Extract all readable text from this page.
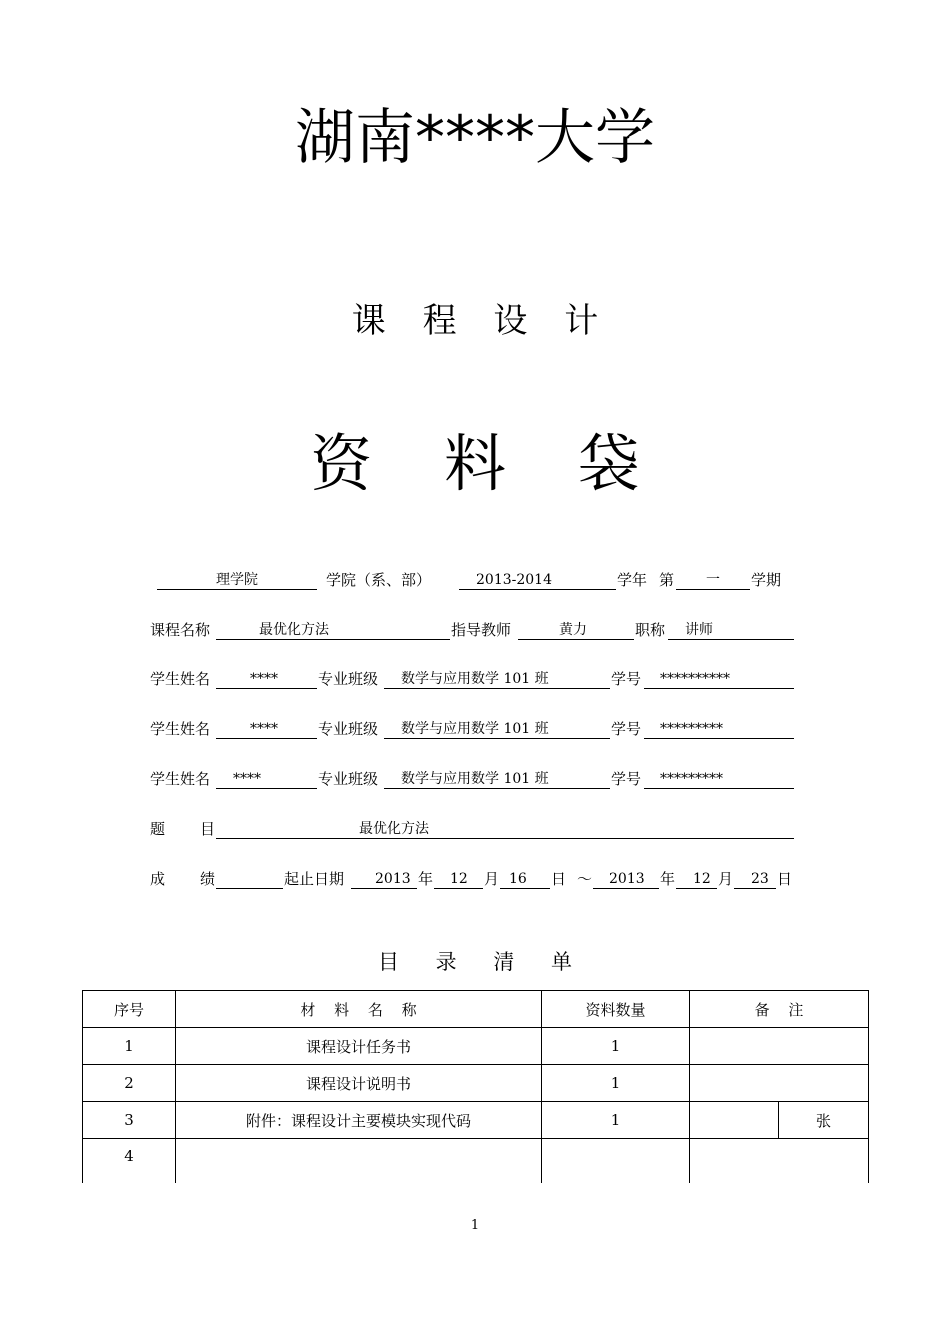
湖南****大学
课 程 设 计
资 料 袋
理学院	学院（系、部）	2013-2014	学年 第	一	学期
课程名称	最优化方法	指导教师	黄力	职称 讲师
学生姓名	****	专业班级 数学与应用数学 101 班	学号 **********
学生姓名	****	专业班级 数学与应用数学 101 班	学号 *********
学生姓名 ****	专业班级 数学与应用数学 101 班	学号 *********
题 目	最优化方法
成 绩	起止日期 2013 年 12 月 16 日 ～ 2013 年 12 月 23 日
目 录 清 单
序号	材 料 名 称	资料数量	备 注	
1	课程设计任务书	1		
2	课程设计说明书	1		
3	附件：课程设计主要模块实现代码	1		张
4				
1
